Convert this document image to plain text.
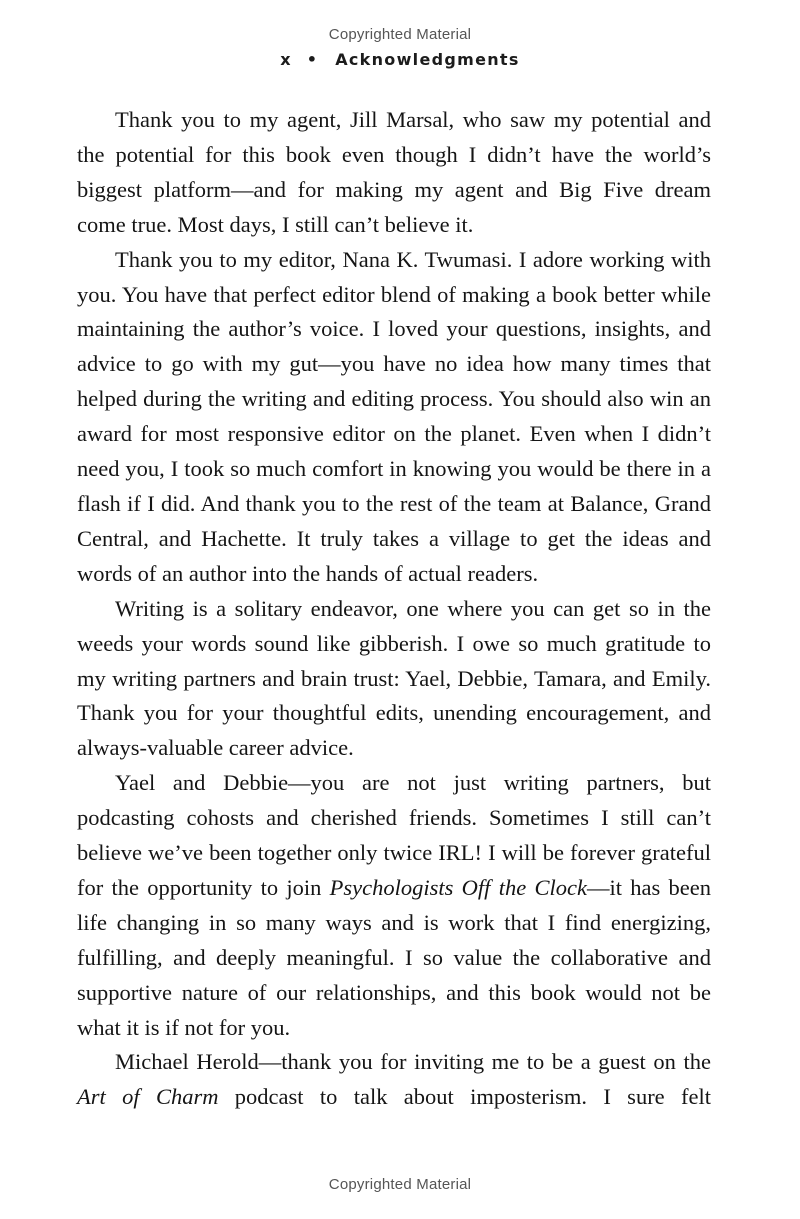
Copyrighted Material
x • Acknowledgments

Thank you to my agent, Jill Marsal, who saw my potential and the potential for this book even though I didn’t have the world’s biggest platform—and for making my agent and Big Five dream come true. Most days, I still can’t believe it.

Thank you to my editor, Nana K. Twumasi. I adore working with you. You have that perfect editor blend of making a book better while maintaining the author’s voice. I loved your questions, insights, and advice to go with my gut—you have no idea how many times that helped during the writing and editing process. You should also win an award for most responsive editor on the planet. Even when I didn’t need you, I took so much comfort in knowing you would be there in a flash if I did. And thank you to the rest of the team at Balance, Grand Central, and Hachette. It truly takes a village to get the ideas and words of an author into the hands of actual readers.

Writing is a solitary endeavor, one where you can get so in the weeds your words sound like gibberish. I owe so much gratitude to my writing partners and brain trust: Yael, Debbie, Tamara, and Emily. Thank you for your thoughtful edits, unending encouragement, and always-valuable career advice.

Yael and Debbie—you are not just writing partners, but podcasting cohosts and cherished friends. Sometimes I still can’t believe we’ve been together only twice IRL! I will be forever grateful for the opportunity to join Psychologists Off the Clock—it has been life changing in so many ways and is work that I find energizing, fulfilling, and deeply meaningful. I so value the collaborative and supportive nature of our relationships, and this book would not be what it is if not for you.

Michael Herold—thank you for inviting me to be a guest on the Art of Charm podcast to talk about imposterism. I sure felt

Copyrighted Material
